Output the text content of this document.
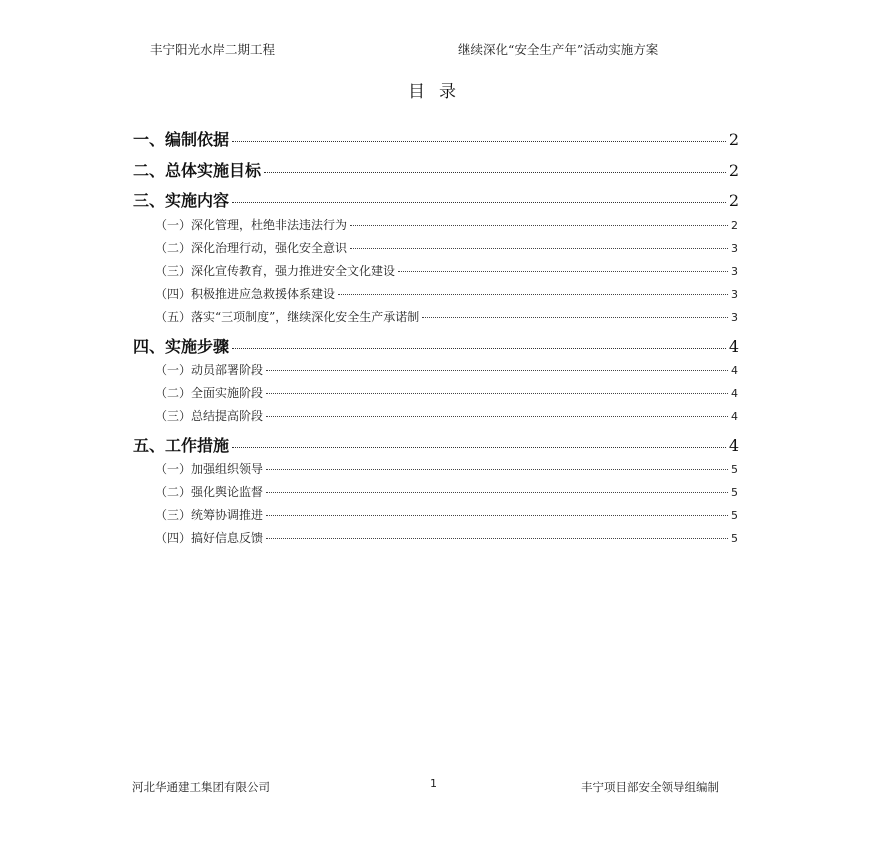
丰宁阳光水岸二期工程	继续深化“安全生产年”活动实施方案
目录
一、编制依据	2
二、总体实施目标	2
三、实施内容	2
（一）深化管理，杜绝非法违法行为	2
（二）深化治理行动，强化安全意识	3
（三）深化宣传教育，强力推进安全文化建设	3
（四）积极推进应急救援体系建设	3
（五）落实“三项制度”，继续深化安全生产承诺制	3
四、实施步骤	4
（一）动员部署阶段	4
（二）全面实施阶段	4
（三）总结提高阶段	4
五、工作措施	4
（一）加强组织领导	5
（二）强化舆论监督	5
（三）统筹协调推进	5
（四）搞好信息反馈	5
河北华通建工集团有限公司	1	丰宁项目部安全领导组编制
